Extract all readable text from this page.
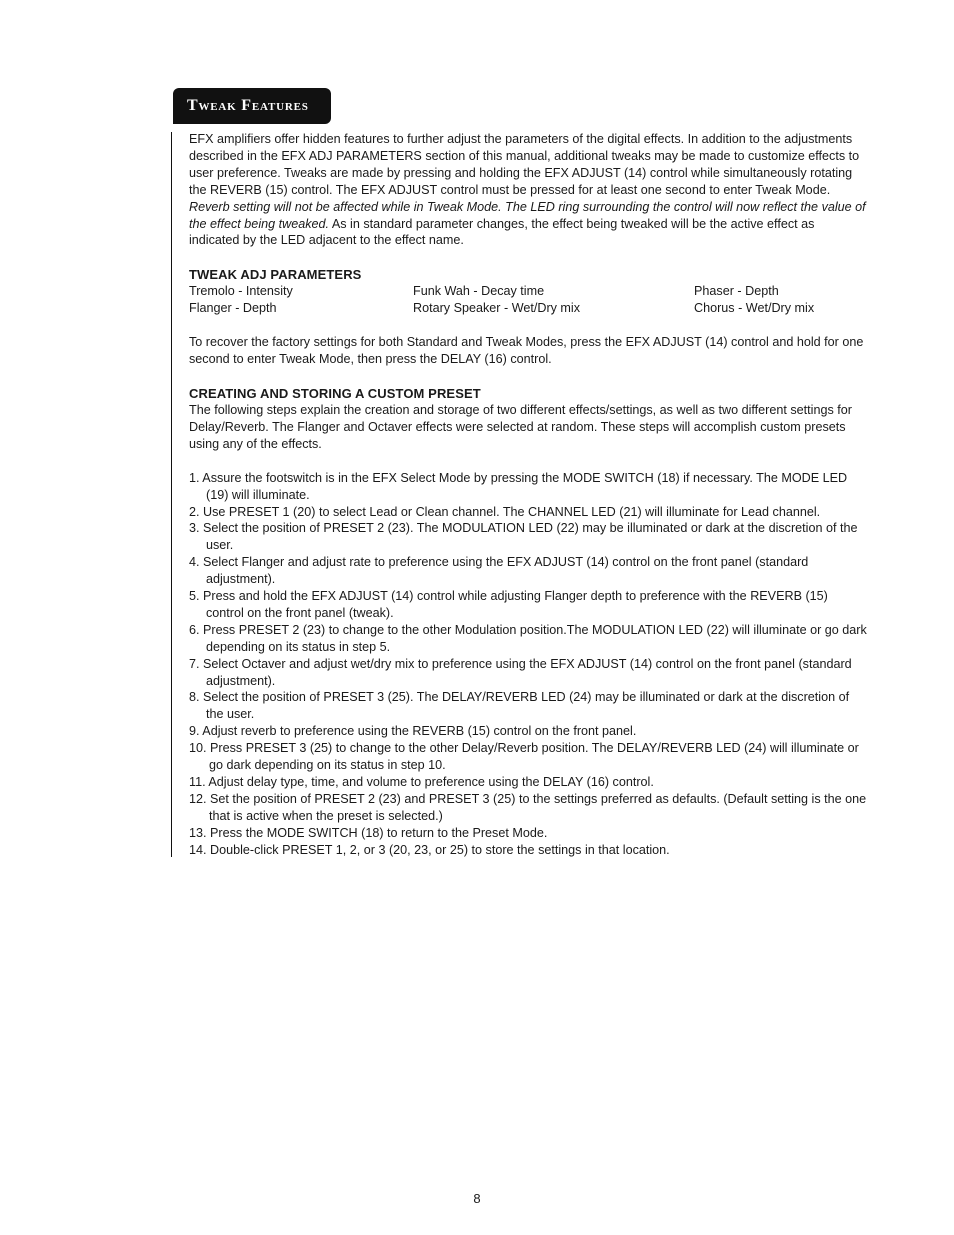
Tweak Features

EFX amplifiers offer hidden features to further adjust the parameters of the digital effects. In addition to the adjustments described in the EFX ADJ PARAMETERS section of this manual, additional tweaks may be made to customize effects to user preference. Tweaks are made by pressing and holding the EFX ADJUST (14) control while simultaneously rotating the REVERB (15) control. The EFX ADJUST control must be pressed for at least one second to enter Tweak Mode. Reverb setting will not be affected while in Tweak Mode. The LED ring surrounding the control will now reflect the value of the effect being tweaked. As in standard parameter changes, the effect being tweaked will be the active effect as indicated by the LED adjacent to the effect name.

TWEAK ADJ PARAMETERS
Tremolo - Intensity	Funk Wah - Decay time	Phaser - Depth
Flanger - Depth	Rotary Speaker - Wet/Dry mix	Chorus - Wet/Dry mix

To recover the factory settings for both Standard and Tweak Modes, press the EFX ADJUST (14) control and hold for one second to enter Tweak Mode, then press the DELAY (16) control.

CREATING AND STORING A CUSTOM PRESET

The following steps explain the creation and storage of two different effects/settings, as well as two different settings for Delay/Reverb. The Flanger and Octaver effects were selected at random. These steps will accomplish custom presets using any of the effects.

1. Assure the footswitch is in the EFX Select Mode by pressing the MODE SWITCH (18) if necessary. The MODE LED (19) will illuminate.
2. Use PRESET 1 (20) to select Lead or Clean channel. The CHANNEL LED (21) will illuminate for Lead channel.
3. Select the position of PRESET 2 (23). The MODULATION LED (22) may be illuminated or dark at the discretion of the user.
4. Select Flanger and adjust rate to preference using the EFX ADJUST (14) control on the front panel (standard adjustment).
5. Press and hold the EFX ADJUST (14) control while adjusting Flanger depth to preference with the REVERB (15) control on the front panel (tweak).
6. Press PRESET 2 (23) to change to the other Modulation position.The MODULATION LED (22) will illuminate or go dark depending on its status in step 5.
7. Select Octaver and adjust wet/dry mix to preference using the EFX ADJUST (14) control on the front panel (standard adjustment).
8. Select the position of PRESET 3 (25). The DELAY/REVERB LED (24) may be illuminated or dark at the discretion of the user.
9. Adjust reverb to preference using the REVERB (15) control on the front panel.
10. Press PRESET 3 (25) to change to the other Delay/Reverb position. The DELAY/REVERB LED (24) will illuminate or go dark depending on its status in step 10.
11. Adjust delay type, time, and volume to preference using the DELAY (16) control.
12. Set the position of PRESET 2 (23) and PRESET 3 (25) to the settings preferred as defaults. (Default setting is the one that is active when the preset is selected.)
13. Press the MODE SWITCH (18) to return to the Preset Mode.
14. Double-click PRESET 1, 2, or 3 (20, 23, or 25) to store the settings in that location.
8
